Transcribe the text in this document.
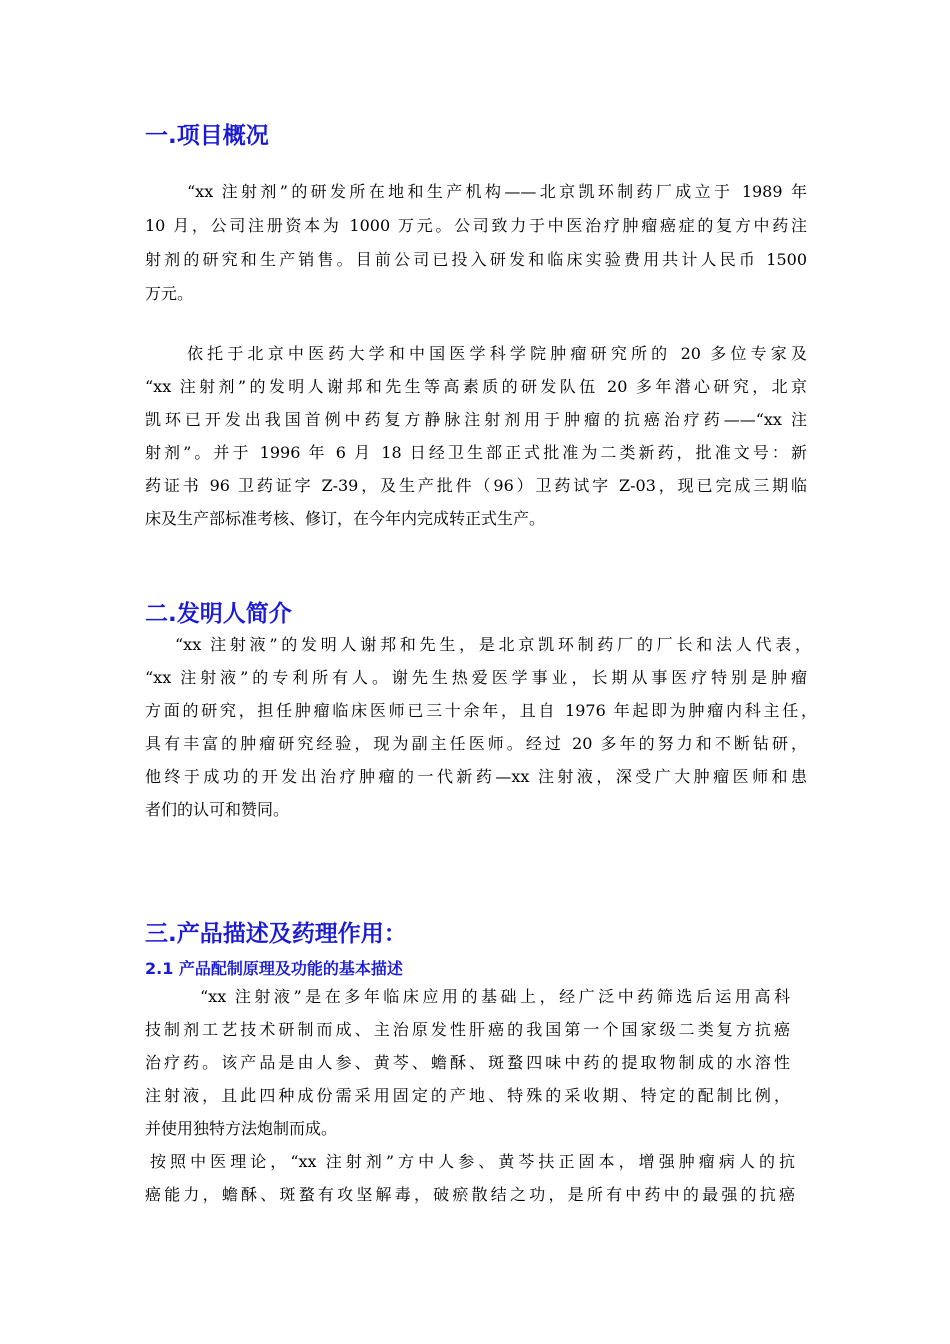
一.项目概况

“xx 注射剂”的研发所在地和生产机构——北京凯环制药厂成立于 1989 年

10 月，公司注册资本为 1000 万元。公司致力于中医治疗肿瘤癌症的复方中药注

射剂的研究和生产销售。目前公司已投入研发和临床实验费用共计人民币 1500

万元。

依托于北京中医药大学和中国医学科学院肿瘤研究所的 20 多位专家及

“xx 注射剂”的发明人谢邦和先生等高素质的研发队伍 20 多年潜心研究，北京

凯环已开发出我国首例中药复方静脉注射剂用于肿瘤的抗癌治疗药——“xx 注

射剂”。并于 1996 年 6 月 18 日经卫生部正式批准为二类新药，批准文号：新

药证书 96 卫药证字 Z-39，及生产批件（96）卫药试字 Z-03，现已完成三期临

床及生产部标准考核、修订，在今年内完成转正式生产。

二.发明人简介

“xx 注射液”的发明人谢邦和先生，是北京凯环制药厂的厂长和法人代表，

“xx 注射液”的专利所有人。谢先生热爱医学事业，长期从事医疗特别是肿瘤

方面的研究，担任肿瘤临床医师已三十余年，且自 1976 年起即为肿瘤内科主任，

具有丰富的肿瘤研究经验，现为副主任医师。经过 20 多年的努力和不断钻研，

他终于成功的开发出治疗肿瘤的一代新药—xx 注射液，深受广大肿瘤医师和患

者们的认可和赞同。

三.产品描述及药理作用：
2.1 产品配制原理及功能的基本描述

“xx 注射液”是在多年临床应用的基础上，经广泛中药筛选后运用高科

技制剂工艺技术研制而成、主治原发性肝癌的我国第一个国家级二类复方抗癌

治疗药。该产品是由人参、黄芩、蟾酥、斑蝥四味中药的提取物制成的水溶性

注射液，且此四种成份需采用固定的产地、特殊的采收期、特定的配制比例，

并使用独特方法炮制而成。

按照中医理论，“xx 注射剂”方中人参、黄芩扶正固本，增强肿瘤病人的抗

癌能力，蟾酥、斑蝥有攻坚解毒，破瘀散结之功，是所有中药中的最强的抗癌
